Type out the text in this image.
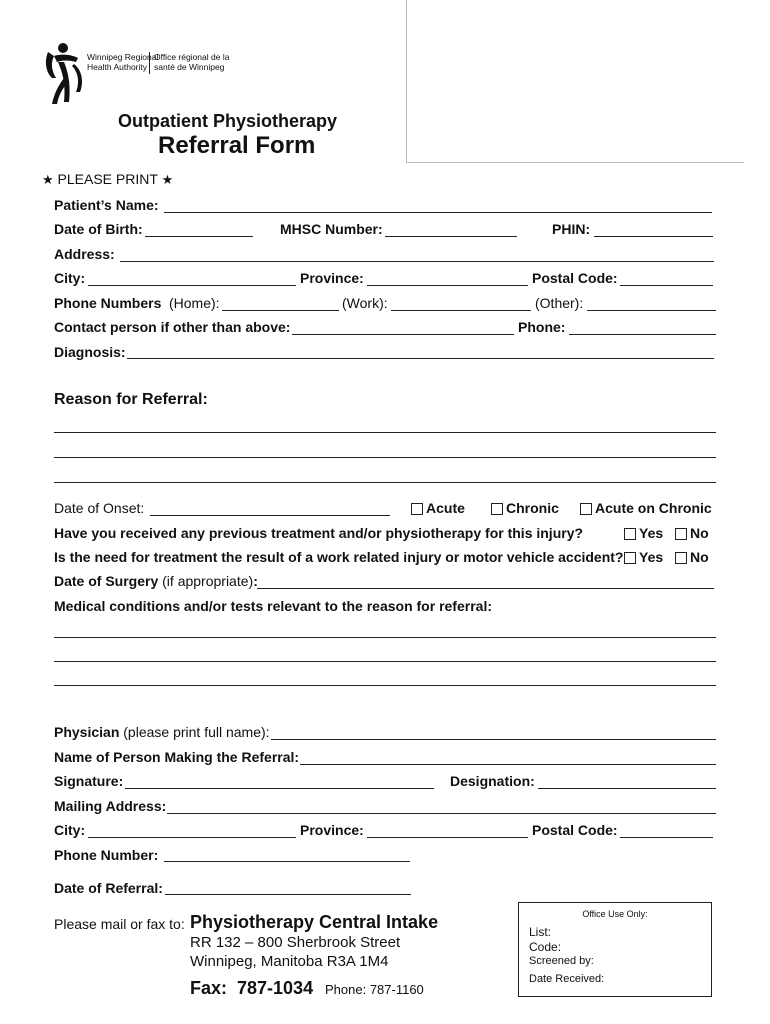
Winnipeg Regional
Health Authority
Office régional de la
santé de Winnipeg
Outpatient Physiotherapy
Referral Form
★ PLEASE PRINT ★
Patient’s Name:
Date of Birth:	MHSC Number:	PHIN:
Address:
City:	Province:	Postal Code:
Phone Numbers (Home):	(Work):	(Other):
Contact person if other than above:	Phone:
Diagnosis:
Reason for Referral:
Date of Onset:	Acute	Chronic	Acute on Chronic
Have you received any previous treatment and/or physiotherapy for this injury?	Yes	No
Is the need for treatment the result of a work related injury or motor vehicle accident?	Yes	No
Date of Surgery (if appropriate):
Medical conditions and/or tests relevant to the reason for referral:
Physician (please print full name):
Name of Person Making the Referral:
Signature:	Designation:
Mailing Address:
City:	Province:	Postal Code:
Phone Number:
Date of Referral:
Please mail or fax to: Physiotherapy Central Intake
RR 132 – 800 Sherbrook Street
Winnipeg, Manitoba R3A 1M4
Fax:  787-1034 Phone: 787-1160
Office Use Only:
List:
Code:
Screened by:
Date Received:
